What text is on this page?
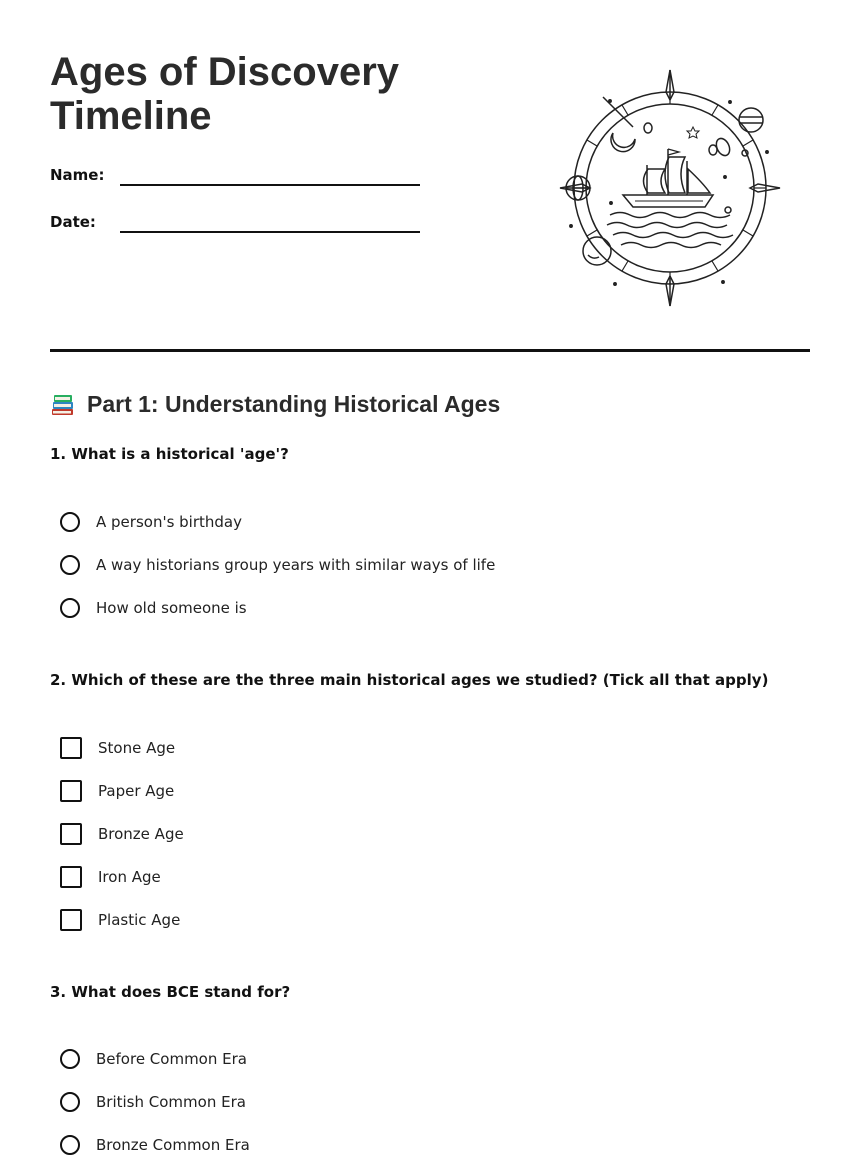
Ages of Discovery
Timeline
Name:
Date:
Part 1: Understanding Historical Ages

1. What is a historical 'age'?

A person's birthday
A way historians group years with similar ways of life
How old someone is

2. Which of these are the three main historical ages we studied? (Tick all that apply)

Stone Age
Paper Age
Bronze Age
Iron Age
Plastic Age

3. What does BCE stand for?

Before Common Era
British Common Era
Bronze Common Era
